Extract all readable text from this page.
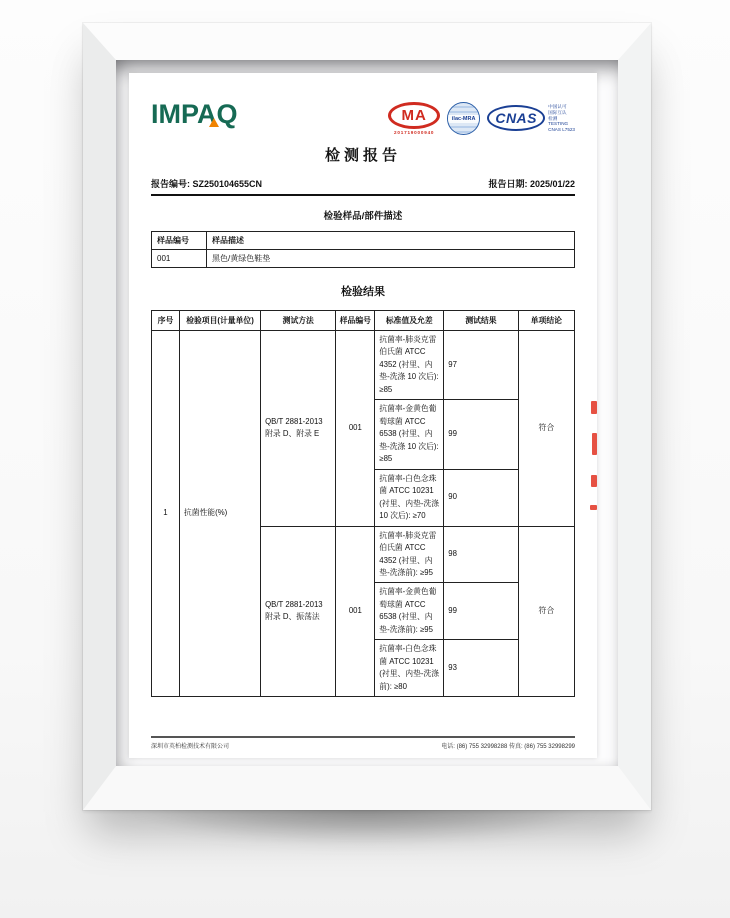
IMPAQ	MA
201719000940
ilac-MRA CNAS
中国认可
国际互认
检测
TESTING
CNAS L7523
检测报告
报告编号: SZ250104655CN	报告日期: 2025/01/22
检验样品/部件描述
样品编号	样品描述
001	黑色/黄绿色鞋垫
检验结果
序号	检验项目(计量单位)	测试方法	样品编号	标准值及允差	测试结果	单项结论
1	抗菌性能(%)	QB/T 2881-2013 附录 D、附录 E	001	抗菌率-肺炎克雷伯氏菌 ATCC 4352 (衬里、内垫-洗涤 10 次后): ≥85	97	符合
				抗菌率-金黄色葡萄球菌 ATCC 6538 (衬里、内垫-洗涤 10 次后): ≥85	99	
				抗菌率-白色念珠菌 ATCC 10231 (衬里、内垫-洗涤 10 次后): ≥70	90	
		QB/T 2881-2013 附录 D、振荡法	001	抗菌率-肺炎克雷伯氏菌 ATCC 4352 (衬里、内垫-洗涤前): ≥95	98	符合
				抗菌率-金黄色葡萄球菌 ATCC 6538 (衬里、内垫-洗涤前): ≥95	99	
				抗菌率-白色念珠菌 ATCC 10231 (衬里、内垫-洗涤前): ≥80	93	
深圳市英柏检测技术有限公司	电话: (86) 755 32998288 传真: (86) 755 32998299
